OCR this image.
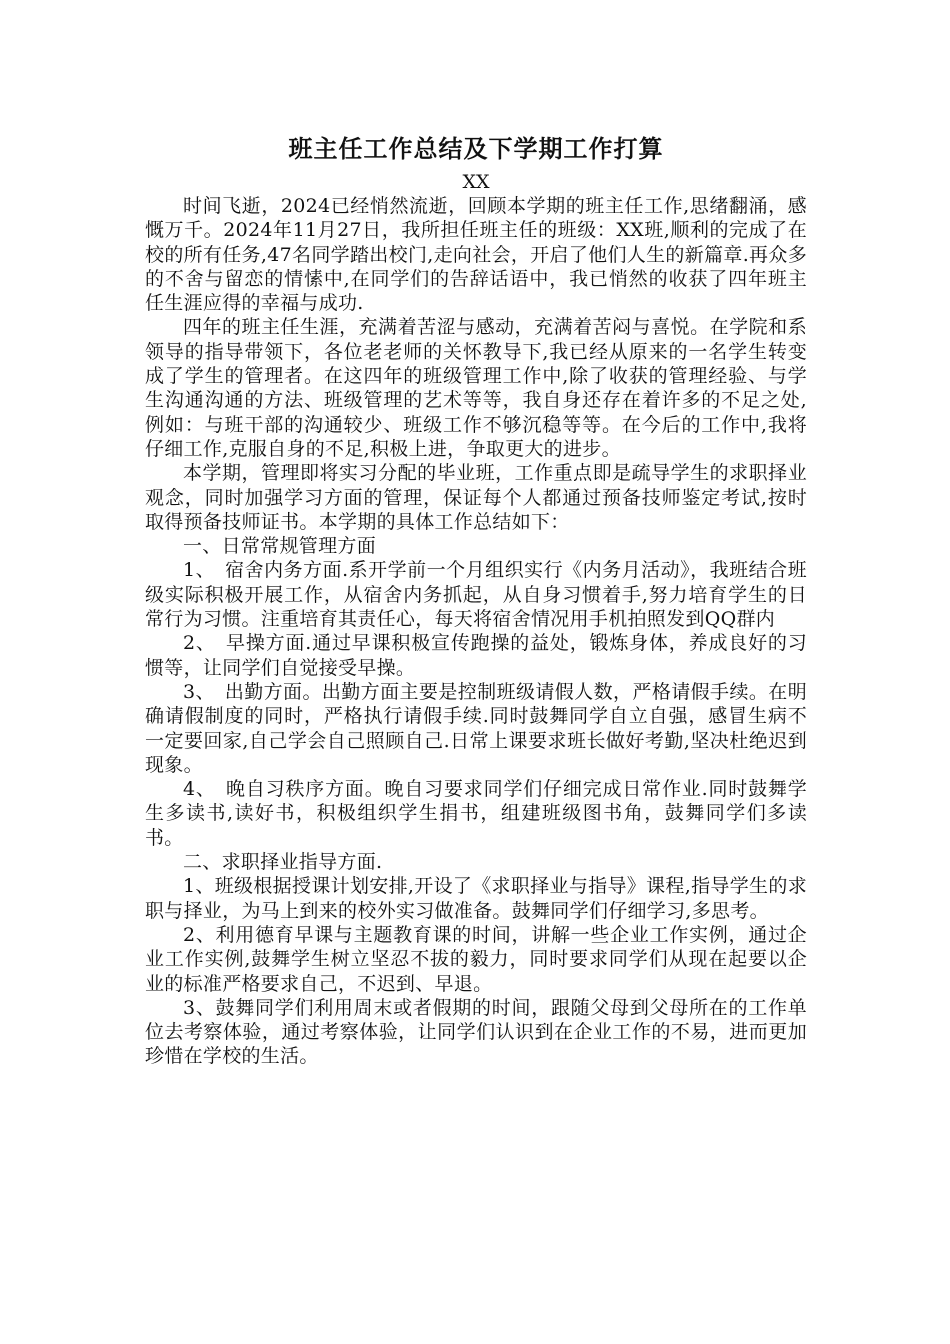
班主任工作总结及下学期工作打算
XX

时间飞逝，2024已经悄然流逝，回顾本学期的班主任工作,思绪翻涌，感慨万千。2024年11月27日，我所担任班主任的班级：XX班,顺利的完成了在校的所有任务,47名同学踏出校门,走向社会，开启了他们人生的新篇章.再众多的不舍与留恋的情愫中,在同学们的告辞话语中，我已悄然的收获了四年班主任生涯应得的幸福与成功.

四年的班主任生涯，充满着苦涩与感动，充满着苦闷与喜悦。在学院和系领导的指导带领下，各位老老师的关怀教导下,我已经从原来的一名学生转变成了学生的管理者。在这四年的班级管理工作中,除了收获的管理经验、与学生沟通沟通的方法、班级管理的艺术等等，我自身还存在着许多的不足之处,例如：与班干部的沟通较少、班级工作不够沉稳等等。在今后的工作中,我将仔细工作,克服自身的不足,积极上进，争取更大的进步。

本学期，管理即将实习分配的毕业班，工作重点即是疏导学生的求职择业观念，同时加强学习方面的管理，保证每个人都通过预备技师鉴定考试,按时取得预备技师证书。本学期的具体工作总结如下：

一、日常常规管理方面

1、　宿舍内务方面.系开学前一个月组织实行《内务月活动》，我班结合班级实际积极开展工作，从宿舍内务抓起，从自身习惯着手,努力培育学生的日常行为习惯。注重培育其责任心，每天将宿舍情况用手机拍照发到QQ群内

2、　早操方面.通过早课积极宣传跑操的益处，锻炼身体，养成良好的习惯等，让同学们自觉接受早操。

3、　出勤方面。出勤方面主要是控制班级请假人数，严格请假手续。在明确请假制度的同时，严格执行请假手续.同时鼓舞同学自立自强，感冒生病不一定要回家,自己学会自己照顾自己.日常上课要求班长做好考勤,坚决杜绝迟到现象。

4、　晚自习秩序方面。晚自习要求同学们仔细完成日常作业.同时鼓舞学生多读书,读好书，积极组织学生捐书，组建班级图书角，鼓舞同学们多读书。

二、求职择业指导方面.

1、班级根据授课计划安排,开设了《求职择业与指导》课程,指导学生的求职与择业，为马上到来的校外实习做准备。鼓舞同学们仔细学习,多思考。

2、利用德育早课与主题教育课的时间，讲解一些企业工作实例，通过企业工作实例,鼓舞学生树立坚忍不拔的毅力，同时要求同学们从现在起要以企业的标准严格要求自己，不迟到、早退。

3、鼓舞同学们利用周末或者假期的时间，跟随父母到父母所在的工作单位去考察体验，通过考察体验，让同学们认识到在企业工作的不易，进而更加珍惜在学校的生活。
